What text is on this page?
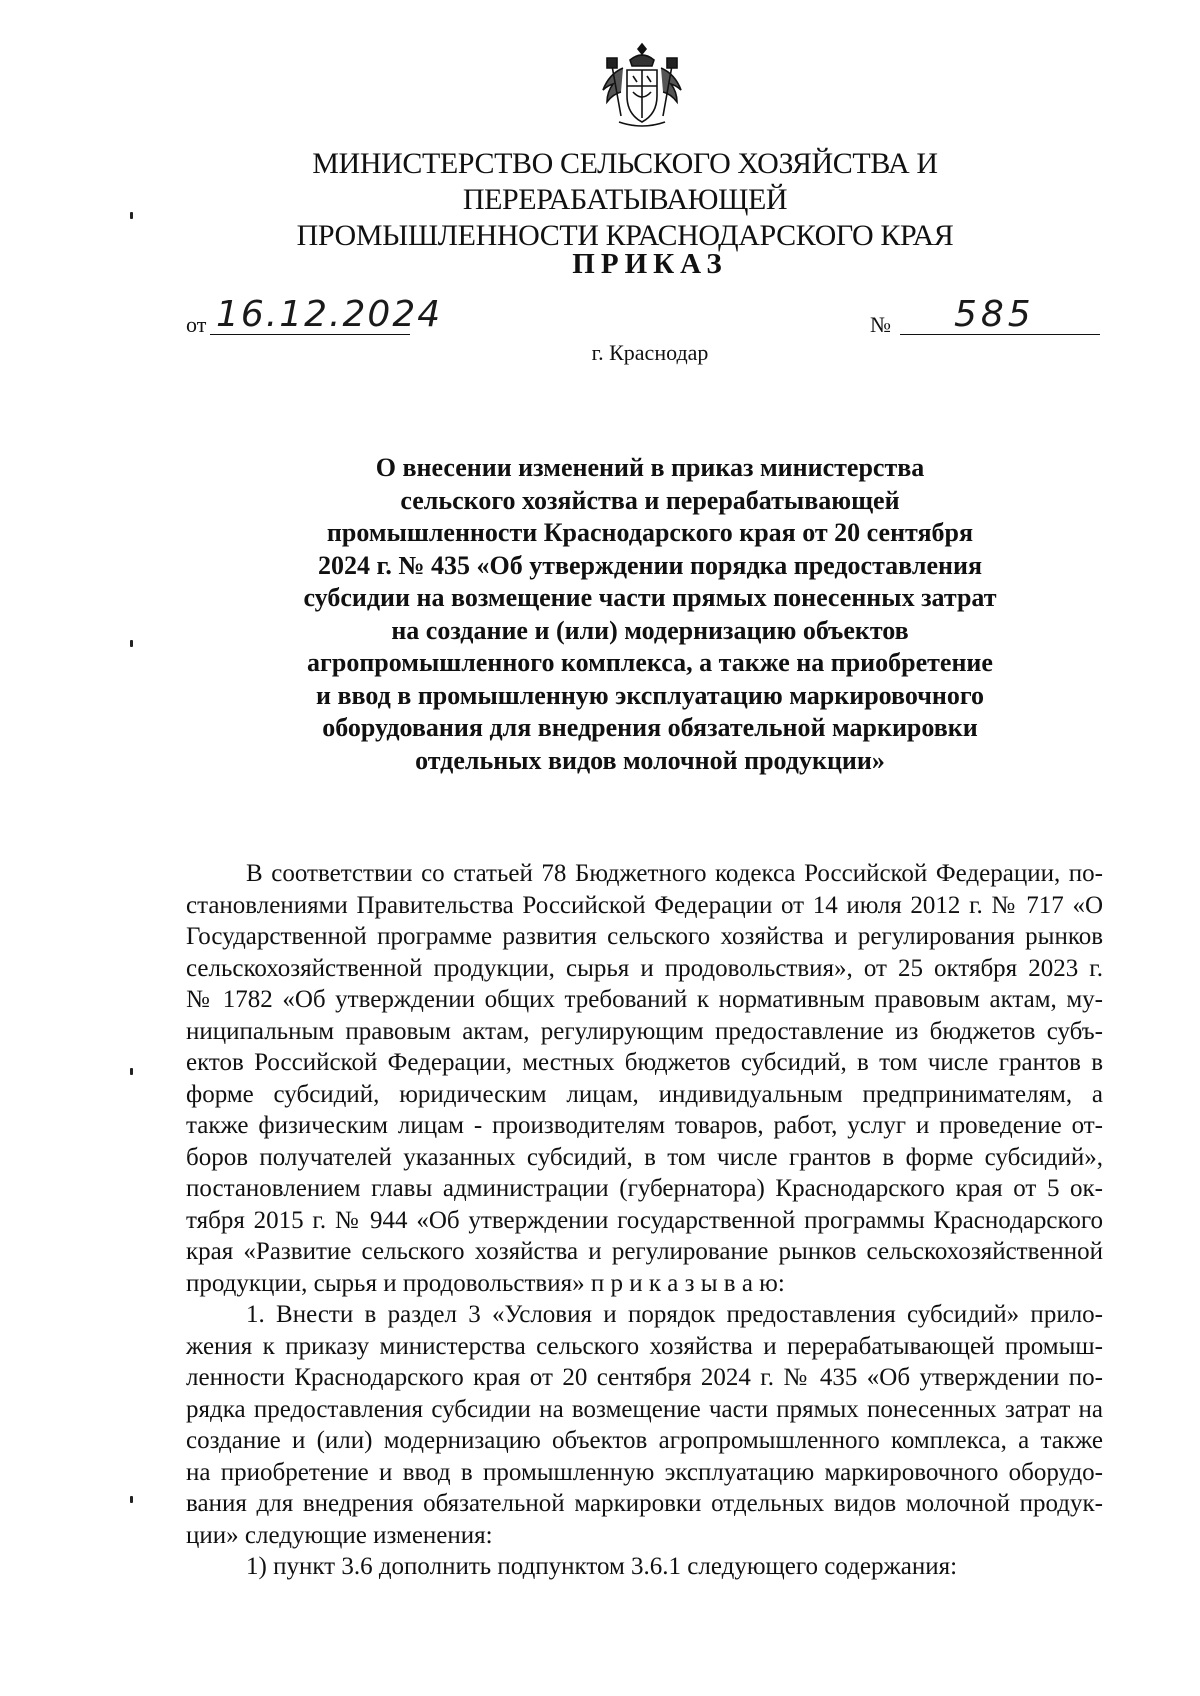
МИНИСТЕРСТВО СЕЛЬСКОГО ХОЗЯЙСТВА И ПЕРЕРАБАТЫВАЮЩЕЙ
ПРОМЫШЛЕННОСТИ КРАСНОДАРСКОГО КРАЯ
ПРИКАЗ
от 16.12.2024	№ 585
г. Краснодар
О внесении изменений в приказ министерства
сельского хозяйства и перерабатывающей
промышленности Краснодарского края от 20 сентября
2024 г. № 435 «Об утверждении порядка предоставления
субсидии на возмещение части прямых понесенных затрат
на создание и (или) модернизацию объектов
агропромышленного комплекса, а также на приобретение
и ввод в промышленную эксплуатацию маркировочного
оборудования для внедрения обязательной маркировки
отдельных видов молочной продукции»

В соответствии со статьей 78 Бюджетного кодекса Российской Федерации, по-
становлениями Правительства Российской Федерации от 14 июля 2012 г. № 717 «О
Государственной программе развития сельского хозяйства и регулирования рынков
сельскохозяйственной продукции, сырья и продовольствия», от 25 октября 2023 г.
№ 1782 «Об утверждении общих требований к нормативным правовым актам, му-
ниципальным правовым актам, регулирующим предоставление из бюджетов субъ-
ектов Российской Федерации, местных бюджетов субсидий, в том числе грантов в
форме субсидий, юридическим лицам, индивидуальным предпринимателям, а
также физическим лицам - производителям товаров, работ, услуг и проведение от-
боров получателей указанных субсидий, в том числе грантов в форме субсидий»,
постановлением главы администрации (губернатора) Краснодарского края от 5 ок-
тября 2015 г. № 944 «Об утверждении государственной программы Краснодарского
края «Развитие сельского хозяйства и регулирование рынков сельскохозяйственной
продукции, сырья и продовольствия» п р и к а з ы в а ю:

1. Внести в раздел 3 «Условия и порядок предоставления субсидий» прило-
жения к приказу министерства сельского хозяйства и перерабатывающей промыш-
ленности Краснодарского края от 20 сентября 2024 г. № 435 «Об утверждении по-
рядка предоставления субсидии на возмещение части прямых понесенных затрат на
создание и (или) модернизацию объектов агропромышленного комплекса, а также
на приобретение и ввод в промышленную эксплуатацию маркировочного оборудо-
вания для внедрения обязательной маркировки отдельных видов молочной продук-
ции» следующие изменения:

1) пункт 3.6 дополнить подпунктом 3.6.1 следующего содержания:
